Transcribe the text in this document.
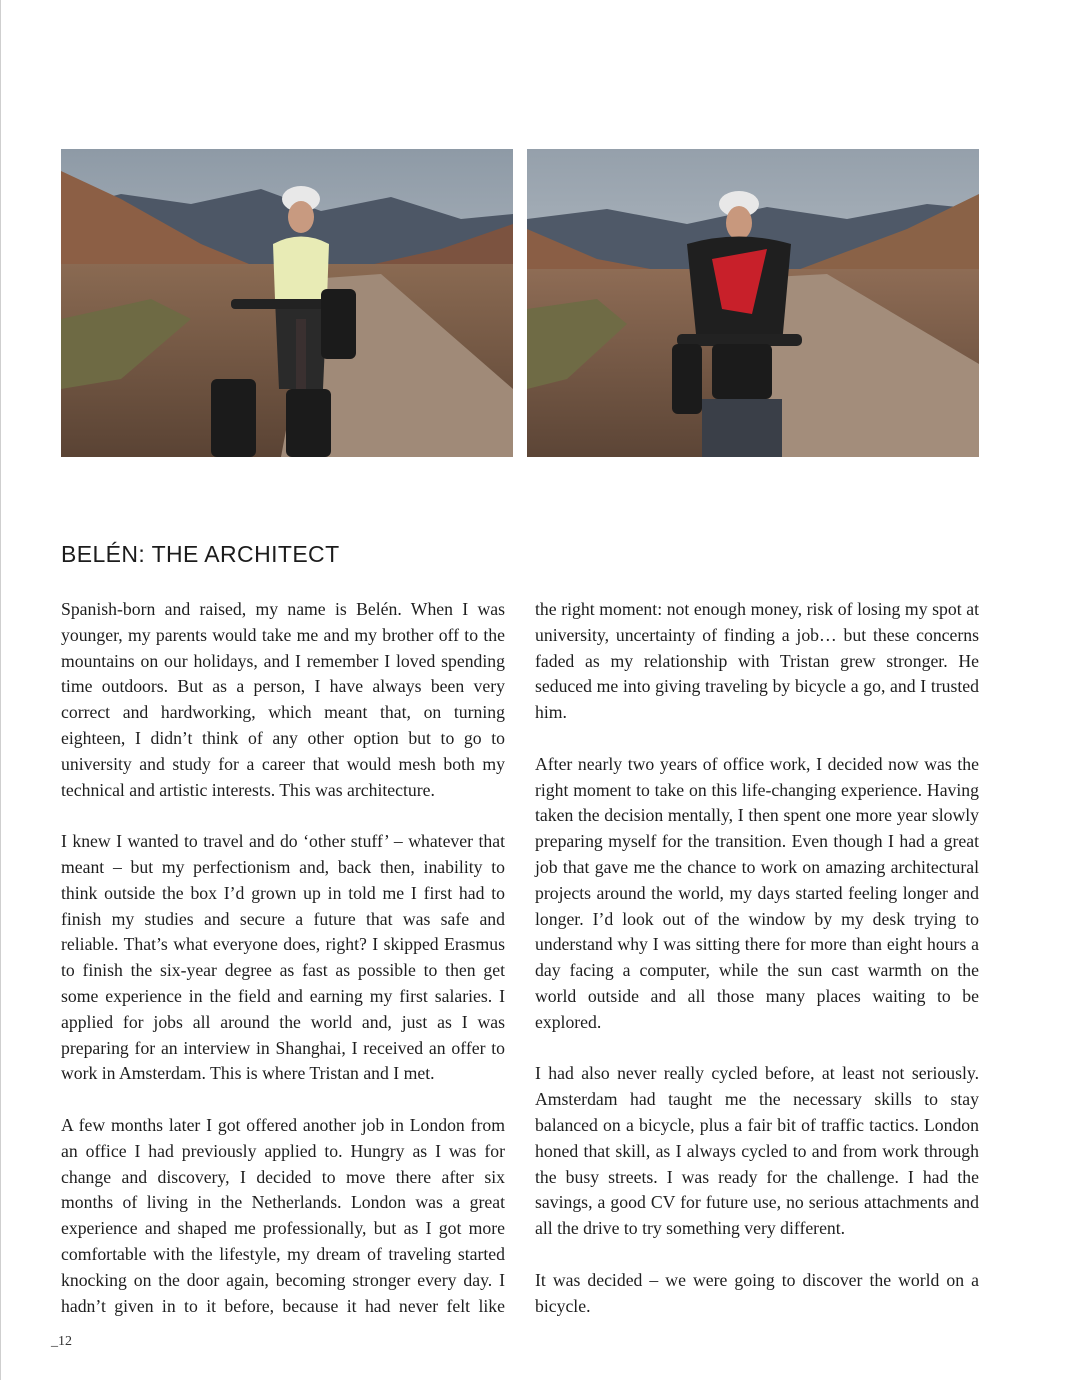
BELÉN: THE ARCHITECT

Spanish-born and raised, my name is Belén. When I was younger, my parents would take me and my brother off to the mountains on our holidays, and I remember I loved spending time outdoors. But as a person, I have always been very correct and hardworking, which meant that, on turning eighteen, I didn’t think of any other option but to go to university and study for a career that would mesh both my technical and artistic interests. This was architecture.

I knew I wanted to travel and do ‘other stuff’ – whatever that meant – but my perfectionism and, back then, inability to think outside the box I’d grown up in told me I first had to finish my studies and secure a future that was safe and reliable. That’s what everyone does, right? I skipped Erasmus to finish the six-year degree as fast as possible to then get some experience in the field and earning my first salaries. I applied for jobs all around the world and, just as I was preparing for an interview in Shanghai, I received an offer to work in Amsterdam. This is where Tristan and I met.

A few months later I got offered another job in London from an office I had previously applied to. Hungry as I was for change and discovery, I decided to move there after six months of living in the Netherlands. London was a great experience and shaped me professionally, but as I got more comfortable with the lifestyle, my dream of traveling started knocking on the door again, becoming stronger every day. I hadn’t given in to it before, because it had never felt like

the right moment: not enough money, risk of losing my spot at university, uncertainty of finding a job… but these concerns faded as my relationship with Tristan grew stronger. He seduced me into giving traveling by bicycle a go, and I trusted him.

After nearly two years of office work, I decided now was the right moment to take on this life-changing experience. Having taken the decision mentally, I then spent one more year slowly preparing myself for the transition. Even though I had a great job that gave me the chance to work on amazing architectural projects around the world, my days started feeling longer and longer. I’d look out of the window by my desk trying to understand why I was sitting there for more than eight hours a day facing a computer, while the sun cast warmth on the world outside and all those many places waiting to be explored.

I had also never really cycled before, at least not seriously. Amsterdam had taught me the necessary skills to stay balanced on a bicycle, plus a fair bit of traffic tactics. London honed that skill, as I always cycled to and from work through the busy streets. I was ready for the challenge. I had the savings, a good CV for future use, no serious attachments and all the drive to try something very different.

It was decided – we were going to discover the world on a bicycle.

_12
